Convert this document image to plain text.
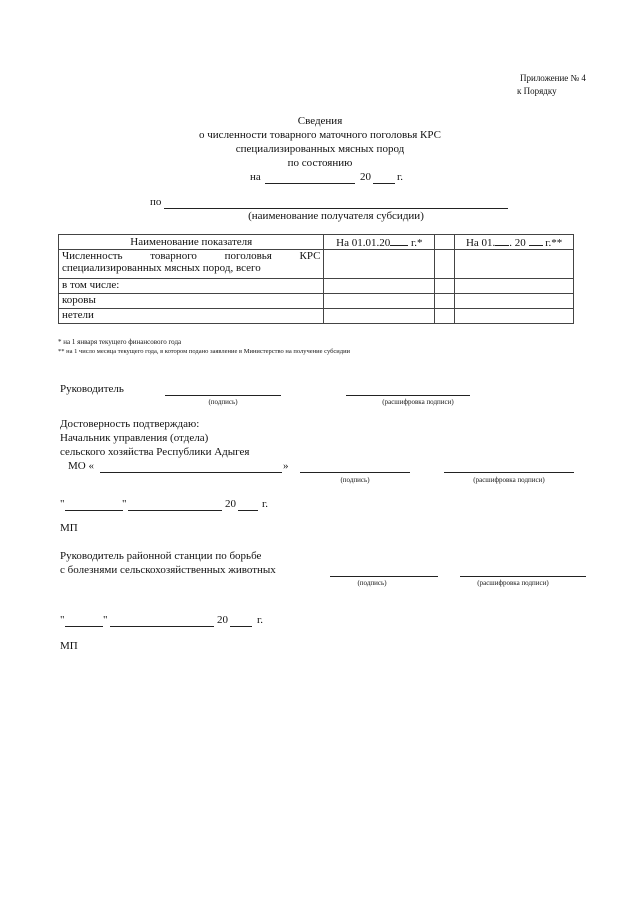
Приложение № 4
к Порядку
Сведения
о численности товарного маточного поголовья КРС
специализированных мясных пород
по состоянию
на	20 г.
по
(наименование получателя субсидии)
Наименование показателя	На 01.01.20 г.*		На 01. . 20 г.**

Численность товарного поголовья КРС
специализированных мясных пород, всего			

в том числе:			
коровы			
нетели			
* на 1 января текущего финансового года
** на 1 число месяца текущего года, в котором подано заявление в Министерство на получение субсидии
Руководитель
(подпись)	(расшифровка подписи)
Достоверность подтверждаю:
Начальник управления (отдела)
сельского хозяйства Республики Адыгея
МО «	»
(подпись)	(расшифровка подписи)
"	"	20 г.
МП
Руководитель районной станции по борьбе
с болезнями сельскохозяйственных животных
(подпись)	(расшифровка подписи)
"	"	20	г.
МП
